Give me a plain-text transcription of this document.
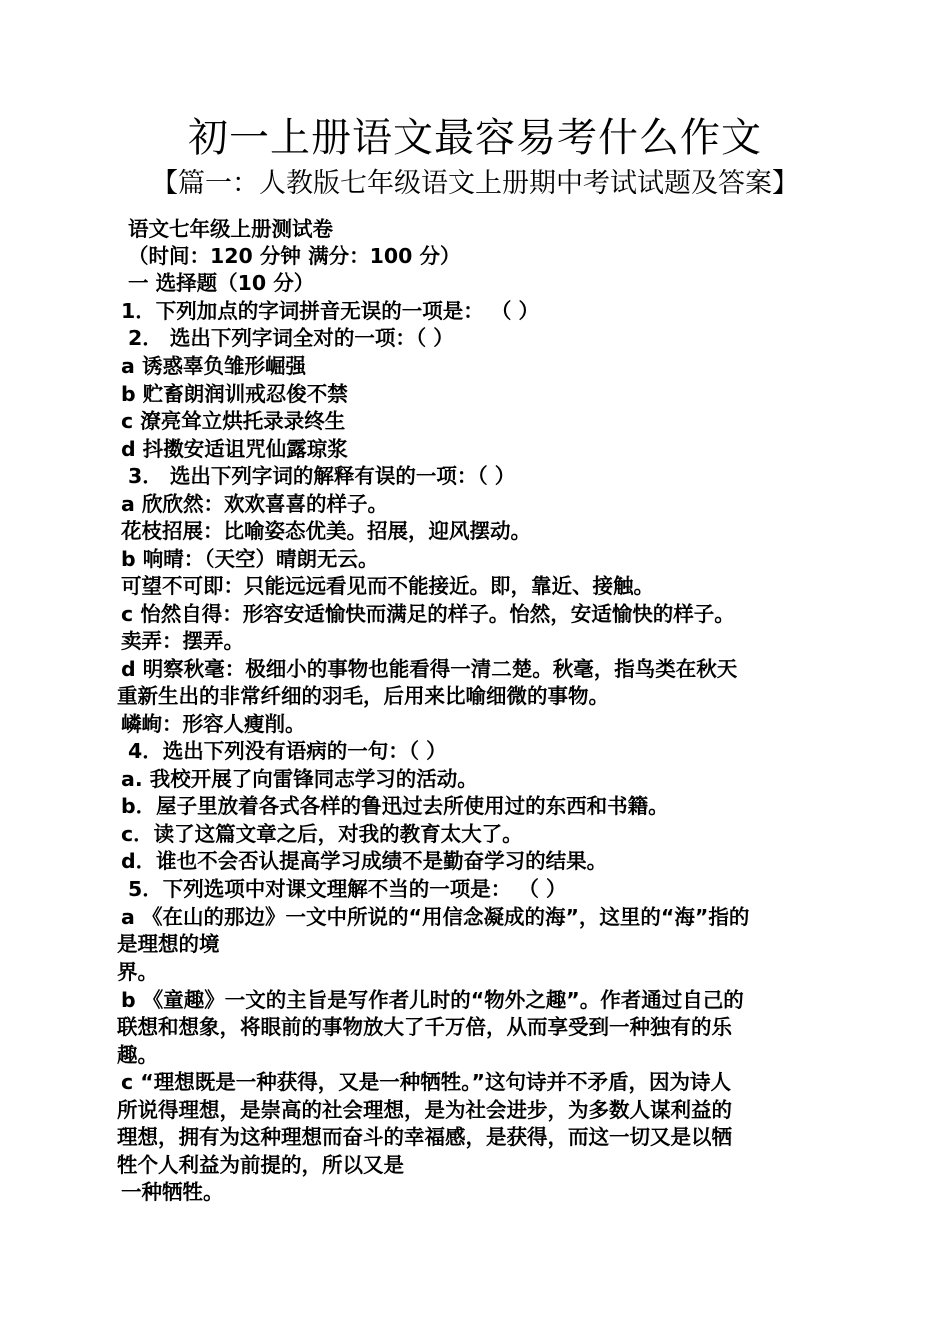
初一上册语文最容易考什么作文
【篇一：人教版七年级语文上册期中考试试题及答案】
语文七年级上册测试卷
（时间：120 分钟 满分：100 分）
一 选择题（10 分）
1．下列加点的字词拼音无误的一项是： （ ）
2． 选出下列字词全对的一项：（ ）
a 诱惑辜负雏形崛强
b 贮畜朗润训戒忍俊不禁
c 潦亮耸立烘托录录终生
d 抖擞安适诅咒仙露琼浆
3． 选出下列字词的解释有误的一项：（ ）
a 欣欣然：欢欢喜喜的样子。
花枝招展：比喻姿态优美。招展，迎风摆动。
b 响晴：（天空）晴朗无云。
可望不可即：只能远远看见而不能接近。即，靠近、接触。
c 怡然自得：形容安适愉快而满足的样子。怡然，安适愉快的样子。
卖弄：摆弄。
d 明察秋毫：极细小的事物也能看得一清二楚。秋毫，指鸟类在秋天
重新生出的非常纤细的羽毛，后用来比喻细微的事物。
嶙峋：形容人瘦削。
4．选出下列没有语病的一句：（ ）
a. 我校开展了向雷锋同志学习的活动。
b．屋子里放着各式各样的鲁迅过去所使用过的东西和书籍。
c．读了这篇文章之后，对我的教育太大了。
d．谁也不会否认提高学习成绩不是勤奋学习的结果。
5．下列选项中对课文理解不当的一项是： （ ）
a 《在山的那边》一文中所说的“用信念凝成的海”，这里的“海”指的
是理想的境
界。
b 《童趣》一文的主旨是写作者儿时的“物外之趣”。作者通过自己的
联想和想象，将眼前的事物放大了千万倍，从而享受到一种独有的乐
趣。
c “理想既是一种获得，又是一种牺牲。”这句诗并不矛盾，因为诗人
所说得理想，是崇高的社会理想，是为社会进步，为多数人谋利益的
理想，拥有为这种理想而奋斗的幸福感，是获得，而这一切又是以牺
牲个人利益为前提的，所以又是
一种牺牲。
